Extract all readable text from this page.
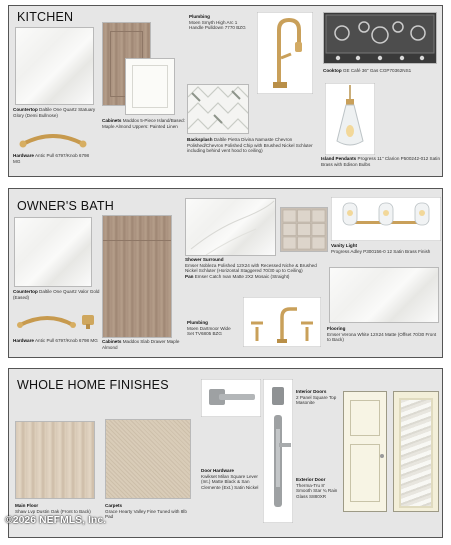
KITCHEN
Countertop Daltile One Quartz Statuary Glory (Demi Bullnose)
Hardware Antic Pull 6797/Knob 6798 MG
Cabinets Maddox 5-Piece Island/Based: Maple Almond Uppers: Painted Linen
Plumbing
Moen Smyth High Arc 1 Handle Pulldown 7770 BZG
Backsplash Daltile Pietra Divina Namaste Chevron Polished/Chevron Polished Chip with Brushed Nickel Schluter including behind vent hood to ceiling)
Cooktop GE Café 36" Gas CGP70362NS1
Island Pendants Progress 11" Clarion P500242-012 Satin Brass with Edison Bulbs
OWNER'S BATH
Countertop Daltile One Quartz Valor Gold (Eased)
Hardware Antic Pull 6797/Knob 6798 MG Cabinets Maddox Slab Drawer Maple Almond
Shower Surround
Emser Nobleza Polished 12X24 with Recessed Niche & Brushed Nickel Schluter (Horizontal Staggered 70/30 up to Ceiling)
Pan Emser Catch Ivan Matte 2X2 Mosaic (Straight)
Plumbing
Moen Dartmoor Wide Set TV6805 BZG
Vanity Light
Progress Adley P300156-0 12 Satin Brass Finish
Flooring
Emser Verona White 12X24 Matte (Offset 70/30 Front to Back)
WHOLE HOME FINISHES
Main Floor
Shaw Lvp Dustin Oak (Front to Back)
Carpets
Grace Hearty Valley Fine Tuned with 8lb Pad
Door Hardware
Kwikset Milan Square Lever (Int.) Matte Black & San Clemente (Ext.) Satin Nickel
Interior Doors
2 Panel Square Top Masonite
Exterior Door
Therma-Tru 8' Smooth Star ¾ Rain Glass S880XR
©2026 NEFMLS, Inc.
